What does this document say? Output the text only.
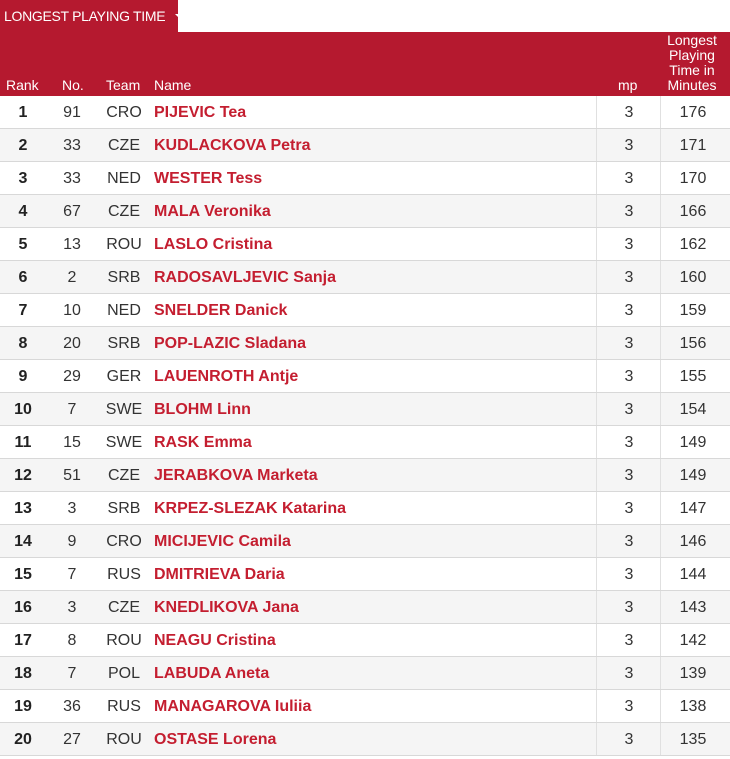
LONGEST PLAYING TIME
Rank No. Team Name	mp
Longest Playing Time in Minutes
1	91	CRO PIJEVIC Tea	3	176
2	33	CZE KUDLACKOVA Petra	3	171
3	33	NED WESTER Tess	3	170
4	67	CZE MALA Veronika	3	166
5	13	ROU LASLO Cristina	3	162
6	2	SRB RADOSAVLJEVIC Sanja	3	160
7	10	NED SNELDER Danick	3	159
8	20	SRB POP-LAZIC Sladana	3	156
9	29	GER LAUENROTH Antje	3	155
10	7	SWE BLOHM Linn	3	154
11	15	SWE RASK Emma	3	149
12	51	CZE JERABKOVA Marketa	3	149
13	3	SRB KRPEZ-SLEZAK Katarina	3	147
14	9	CRO MICIJEVIC Camila	3	146
15	7	RUS DMITRIEVA Daria	3	144
16	3	CZE KNEDLIKOVA Jana	3	143
17	8	ROU NEAGU Cristina	3	142
18	7	POL LABUDA Aneta	3	139
19	36	RUS MANAGAROVA Iuliia	3	138
20	27	ROU OSTASE Lorena	3	135
